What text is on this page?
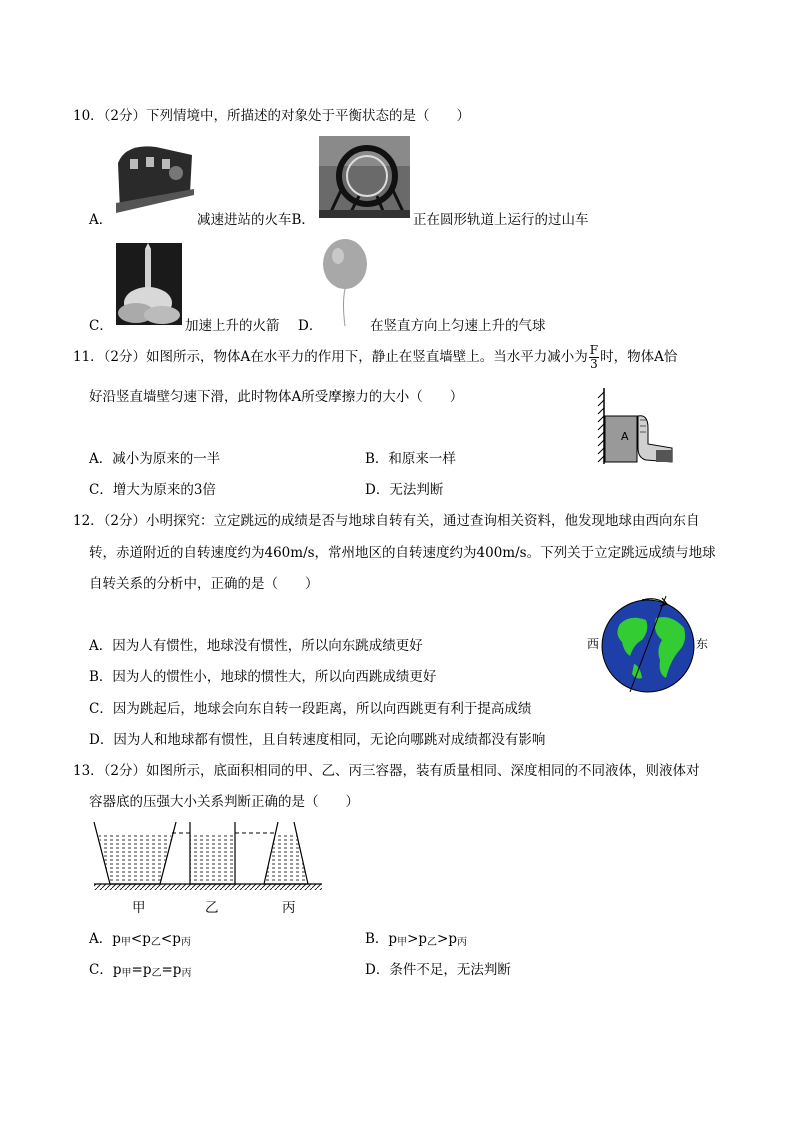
10．（2分）下列情境中，所描述的对象处于平衡状态的是（　　）
A．	减速进站的火车B．	正在圆形轨道上运行的过山车
C．	加速上升的火箭 D．	在竖直方向上匀速上升的气球
11．（2分）如图所示，物体A在水平力的作用下，静止在竖直墙壁上。当水平力减小为 $\frac{F}{3}$ 时，物体A恰
好沿竖直墙壁匀速下滑，此时物体A所受摩擦力的大小（　　）
A
A．减小为原来的一半	B．和原来一样
C．增大为原来的3倍	D．无法判断
12．（2分）小明探究：立定跳远的成绩是否与地球自转有关，通过查询相关资料，他发现地球由西向东自
转，赤道附近的自转速度约为460m/s，常州地区的自转速度约为400m/s。下列关于立定跳远成绩与地球
自转关系的分析中，正确的是（　　）
西	东
A．因为人有惯性，地球没有惯性，所以向东跳成绩更好
B．因为人的惯性小，地球的惯性大，所以向西跳成绩更好
C．因为跳起后，地球会向东自转一段距离，所以向西跳更有利于提高成绩
D．因为人和地球都有惯性，且自转速度相同，无论向哪跳对成绩都没有影响
13．（2分）如图所示，底面积相同的甲、乙、丙三容器，装有质量相同、深度相同的不同液体，则液体对
容器底的压强大小关系判断正确的是（　　）
甲	乙	丙
A．$p_甲<p_乙<p_丙$	B．$p_甲>p_乙>p_丙$
C．$p_甲=p_乙=p_丙$	D．条件不足，无法判断
